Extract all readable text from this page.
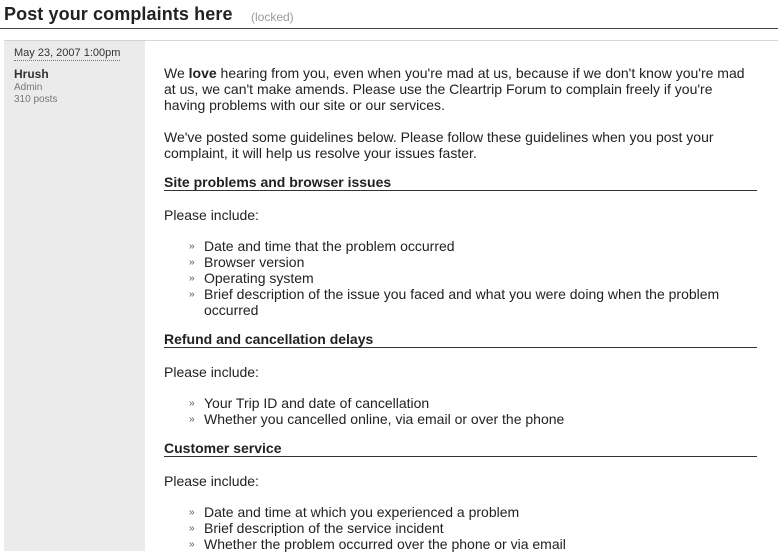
Post your complaints here (locked)
May 23, 2007 1:00pm
Hrush
Admin
310 posts

We love hearing from you, even when you're mad at us, because if we don't know you're mad at us, we can't make amends. Please use the Cleartrip Forum to complain freely if you're having problems with our site or our services.

We've posted some guidelines below. Please follow these guidelines when you post your complaint, it will help us resolve your issues faster.

Site problems and browser issues

Please include:

» Date and time that the problem occurred
» Browser version
» Operating system
» Brief description of the issue you faced and what you were doing when the problem occurred
Refund and cancellation delays

Please include:

» Your Trip ID and date of cancellation
» Whether you cancelled online, via email or over the phone
Customer service

Please include:

» Date and time at which you experienced a problem
» Brief description of the service incident
» Whether the problem occurred over the phone or via email
